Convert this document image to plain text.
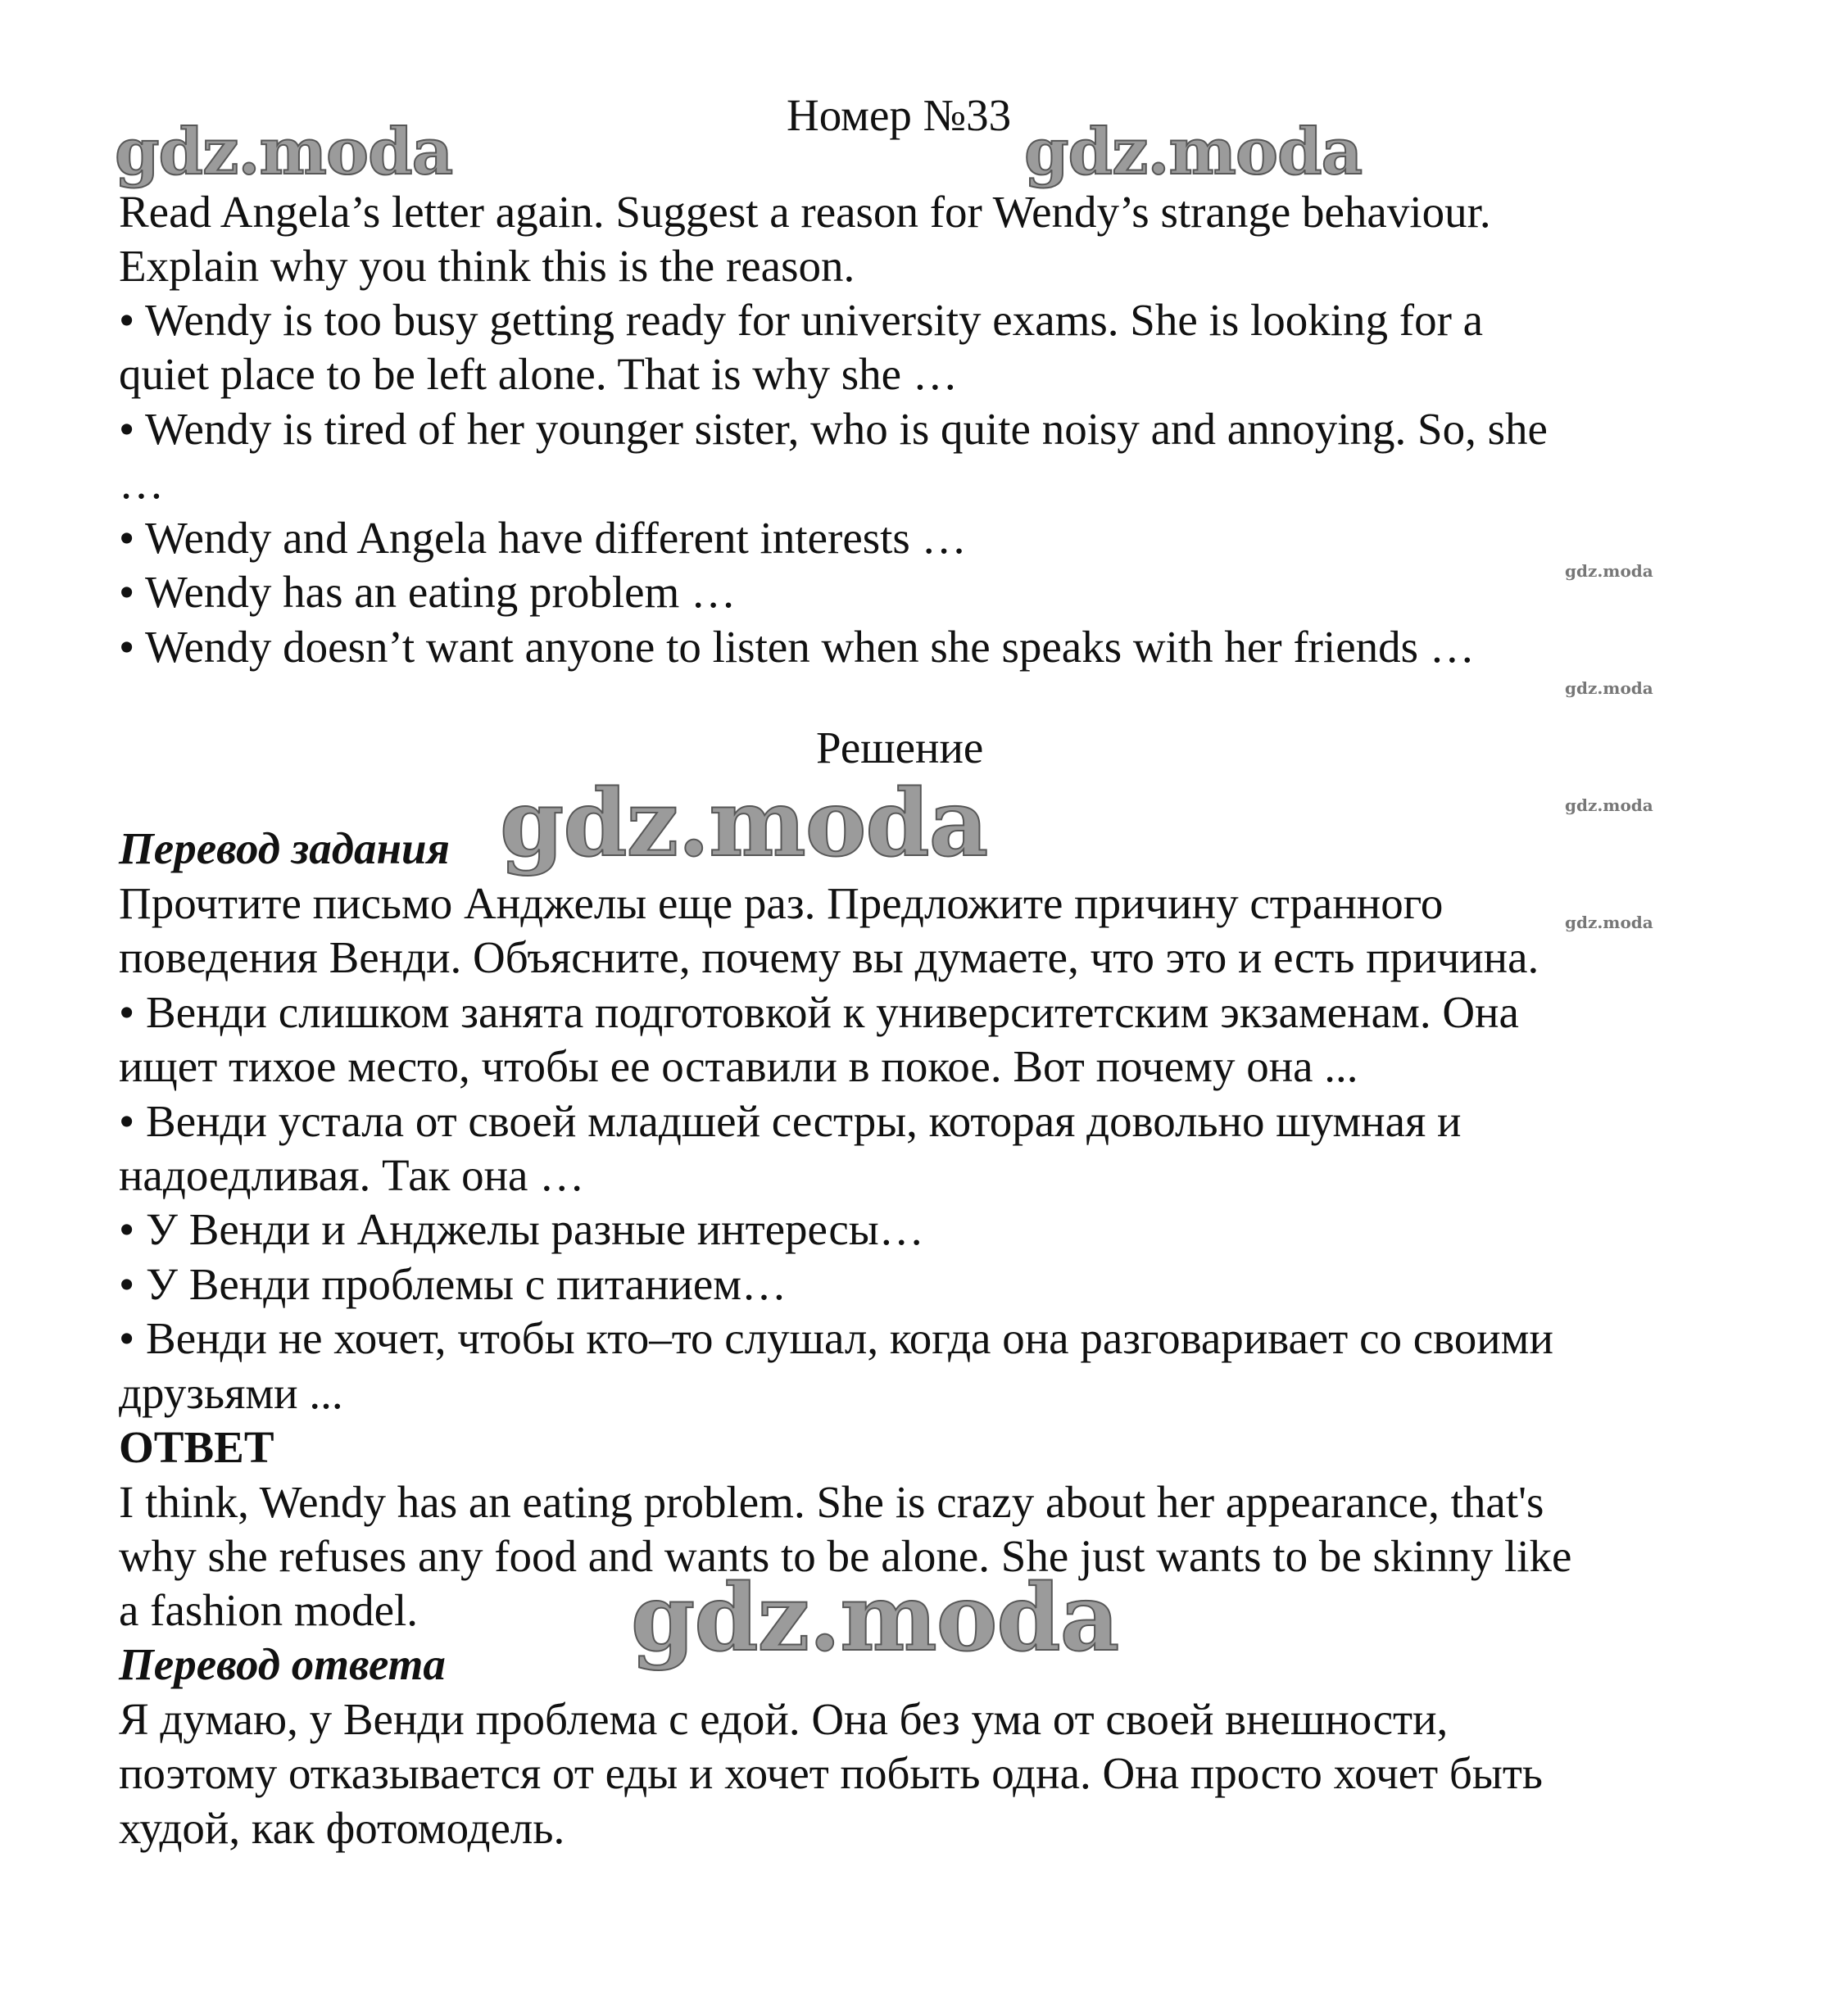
gdz.moda	gdz.moda
gdz.moda
gdz.moda
gdz.moda
gdz.moda
gdz.moda
gdz.moda
Номер №33
Read Angela’s letter again. Suggest a reason for Wendy’s strange behaviour.
Explain why you think this is the reason.
• Wendy is too busy getting ready for university exams. She is looking for a
quiet place to be left alone. That is why she …
• Wendy is tired of her younger sister, who is quite noisy and annoying. So, she
…
• Wendy and Angela have different interests …
• Wendy has an eating problem …
• Wendy doesn’t want anyone to listen when she speaks with her friends …
Решение
Перевод задания
Прочтите письмо Анджелы еще раз. Предложите причину странного
поведения Венди. Объясните, почему вы думаете, что это и есть причина.
• Венди слишком занята подготовкой к университетским экзаменам. Она
ищет тихое место, чтобы ее оставили в покое. Вот почему она ...
• Венди устала от своей младшей сестры, которая довольно шумная и
надоедливая. Так она …
• У Венди и Анджелы разные интересы…
• У Венди проблемы с питанием…
• Венди не хочет, чтобы кто–то слушал, когда она разговаривает со своими
друзьями ...
ОТВЕТ
I think, Wendy has an eating problem. She is crazy about her appearance, that's
why she refuses any food and wants to be alone. She just wants to be skinny like
a fashion model.
Перевод ответа
Я думаю, у Венди проблема с едой. Она без ума от своей внешности,
поэтому отказывается от еды и хочет побыть одна. Она просто хочет быть
худой, как фотомодель.
